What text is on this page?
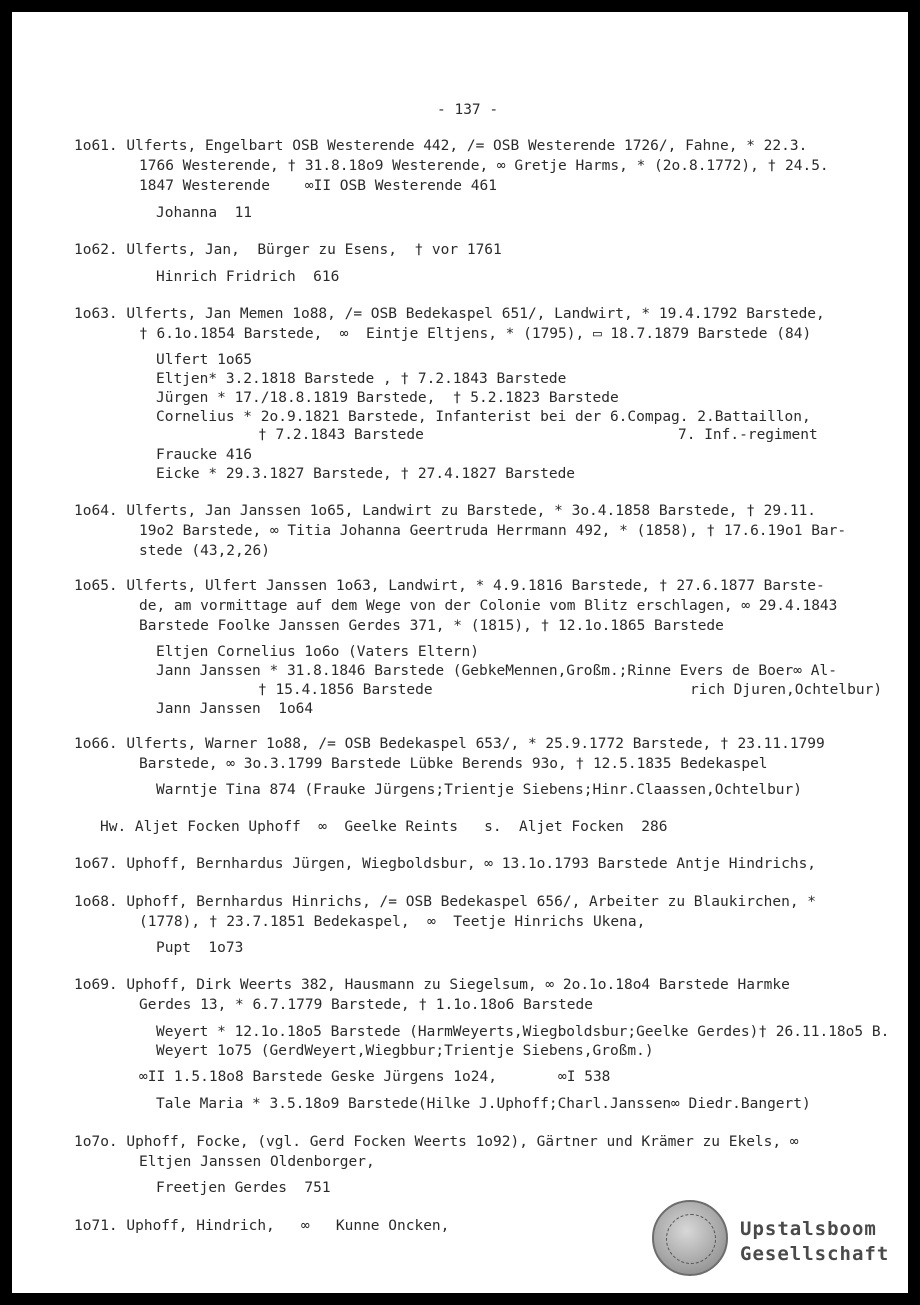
- 137 -
1o61. Ulferts, Engelbart OSB Westerende 442, /= OSB Westerende 1726/, Fahne, * 22.3.
1766 Westerende, † 31.8.18o9 Westerende, ∞ Gretje Harms, * (2o.8.1772), † 24.5.
1847 Westerende    ∞II OSB Westerende 461
Johanna  11
1o62. Ulferts, Jan,  Bürger zu Esens,  † vor 1761
Hinrich Fridrich  616
1o63. Ulferts, Jan Memen 1o88, /= OSB Bedekaspel 651/, Landwirt, * 19.4.1792 Barstede,
† 6.1o.1854 Barstede,  ∞  Eintje Eltjens, * (1795), ▭ 18.7.1879 Barstede (84)
Ulfert 1o65
Eltjen* 3.2.1818 Barstede , † 7.2.1843 Barstede
Jürgen * 17./18.8.1819 Barstede,  † 5.2.1823 Barstede
Cornelius * 2o.9.1821 Barstede, Infanterist bei der 6.Compag. 2.Battaillon,
† 7.2.1843 Barstede	7. Inf.-regiment
Fraucke 416
Eicke * 29.3.1827 Barstede, † 27.4.1827 Barstede
1o64. Ulferts, Jan Janssen 1o65, Landwirt zu Barstede, * 3o.4.1858 Barstede, † 29.11.
19o2 Barstede, ∞ Titia Johanna Geertruda Herrmann 492, * (1858), † 17.6.19o1 Bar-
stede (43,2,26)
1o65. Ulferts, Ulfert Janssen 1o63, Landwirt, * 4.9.1816 Barstede, † 27.6.1877 Barste-
de, am vormittage auf dem Wege von der Colonie vom Blitz erschlagen, ∞ 29.4.1843
Barstede Foolke Janssen Gerdes 371, * (1815), † 12.1o.1865 Barstede
Eltjen Cornelius 1o6o (Vaters Eltern)
Jann Janssen * 31.8.1846 Barstede (GebkeMennen,Großm.;Rinne Evers de Boer∞ Al-
† 15.4.1856 Barstede	rich Djuren,Ochtelbur)
Jann Janssen  1o64
1o66. Ulferts, Warner 1o88, /= OSB Bedekaspel 653/, * 25.9.1772 Barstede, † 23.11.1799
Barstede, ∞ 3o.3.1799 Barstede Lübke Berends 93o, † 12.5.1835 Bedekaspel
Warntje Tina 874 (Frauke Jürgens;Trientje Siebens;Hinr.Claassen,Ochtelbur)
Hw. Aljet Focken Uphoff  ∞  Geelke Reints   s.  Aljet Focken  286
1o67. Uphoff, Bernhardus Jürgen, Wiegboldsbur, ∞ 13.1o.1793 Barstede Antje Hindrichs,
1o68. Uphoff, Bernhardus Hinrichs, /= OSB Bedekaspel 656/, Arbeiter zu Blaukirchen, *
(1778), † 23.7.1851 Bedekaspel,  ∞  Teetje Hinrichs Ukena,
Pupt  1o73
1o69. Uphoff, Dirk Weerts 382, Hausmann zu Siegelsum, ∞ 2o.1o.18o4 Barstede Harmke
Gerdes 13, * 6.7.1779 Barstede, † 1.1o.18o6 Barstede
Weyert * 12.1o.18o5 Barstede (HarmWeyerts,Wiegboldsbur;Geelke Gerdes)† 26.11.18o5 B.
Weyert 1o75 (GerdWeyert,Wiegbbur;Trientje Siebens,Großm.)
∞II 1.5.18o8 Barstede Geske Jürgens 1o24,       ∞I 538
Tale Maria * 3.5.18o9 Barstede(Hilke J.Uphoff;Charl.Janssen∞ Diedr.Bangert)
1o7o. Uphoff, Focke, (vgl. Gerd Focken Weerts 1o92), Gärtner und Krämer zu Ekels, ∞
Eltjen Janssen Oldenborger,
Freetjen Gerdes  751
1o71. Uphoff, Hindrich,   ∞   Kunne Oncken,	Upstalsboom
Gesellschaft
